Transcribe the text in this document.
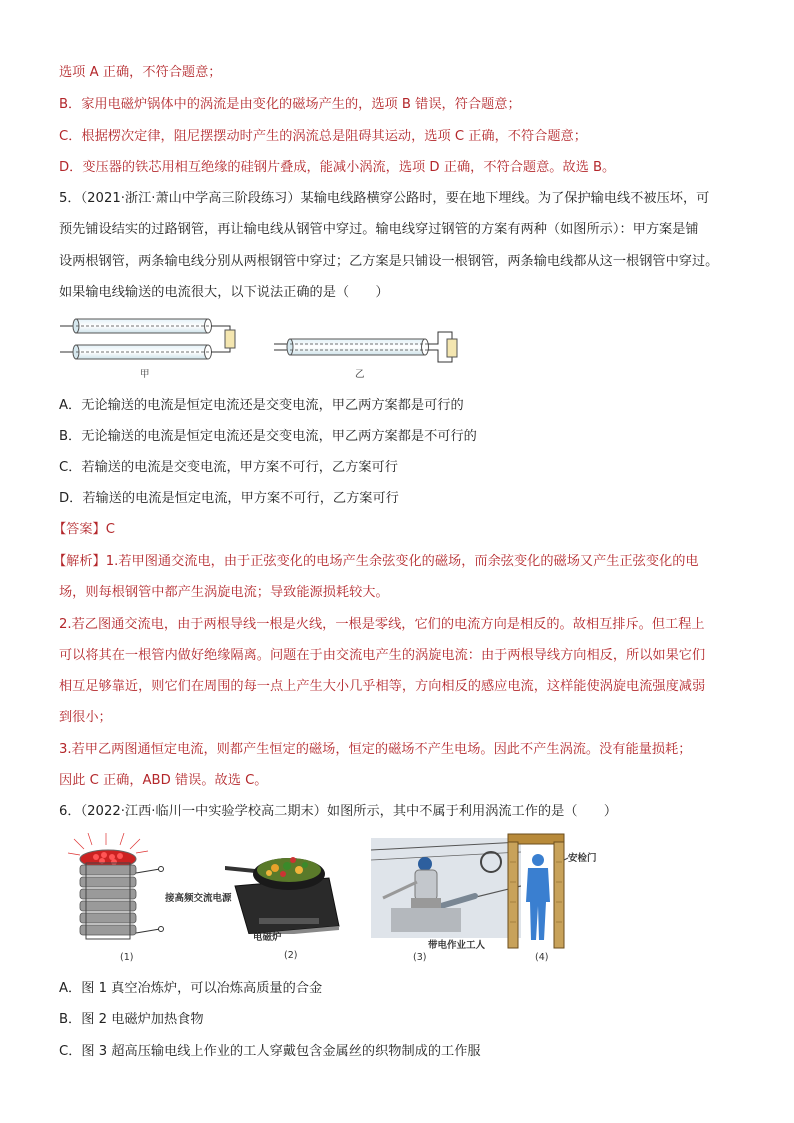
选项 A 正确，不符合题意；
B．家用电磁炉锅体中的涡流是由变化的磁场产生的，选项 B 错误，符合题意；
C．根据楞次定律，阻尼摆摆动时产生的涡流总是阻碍其运动，选项 C 正确，不符合题意；
D．变压器的铁芯用相互绝缘的硅钢片叠成，能减小涡流，选项 D 正确，不符合题意。故选 B。
5．（2021·浙江·萧山中学高三阶段练习）某输电线路横穿公路时，要在地下埋线。为了保护输电线不被压坏，可
预先铺设结实的过路钢管，再让输电线从钢管中穿过。输电线穿过钢管的方案有两种（如图所示）：甲方案是铺
设两根钢管，两条输电线分别从两根钢管中穿过；乙方案是只铺设一根钢管，两条输电线都从这一根钢管中穿过。
如果输电线输送的电流很大，以下说法正确的是（　　）
甲	乙
A．无论输送的电流是恒定电流还是交变电流，甲乙两方案都是可行的
B．无论输送的电流是恒定电流还是交变电流，甲乙两方案都是不可行的
C．若输送的电流是交变电流，甲方案不可行，乙方案可行
D．若输送的电流是恒定电流，甲方案不可行，乙方案可行
【答案】C
【解析】1.若甲图通交流电，由于正弦变化的电场产生余弦变化的磁场，而余弦变化的磁场又产生正弦变化的电
场，则每根钢管中都产生涡旋电流；导致能源损耗较大。
2.若乙图通交流电，由于两根导线一根是火线，一根是零线，它们的电流方向是相反的。故相互排斥。但工程上
可以将其在一根管内做好绝缘隔离。问题在于由交流电产生的涡旋电流：由于两根导线方向相反，所以如果它们
相互足够靠近，则它们在周围的每一点上产生大小几乎相等，方向相反的感应电流，这样能使涡旋电流强度减弱
到很小；
3.若甲乙两图通恒定电流，则都产生恒定的磁场，恒定的磁场不产生电场。因此不产生涡流。没有能量损耗；
因此 C 正确，ABD 错误。故选 C。
6．（2022·江西·临川一中实验学校高二期末）如图所示，其中不属于利用涡流工作的是（　　）
接高频交流电源
(1)
电磁炉
(2)
带电作业工人
(3)
安检门
(4)
A．图 1 真空冶炼炉，可以冶炼高质量的合金
B．图 2 电磁炉加热食物
C．图 3 超高压输电线上作业的工人穿戴包含金属丝的织物制成的工作服
